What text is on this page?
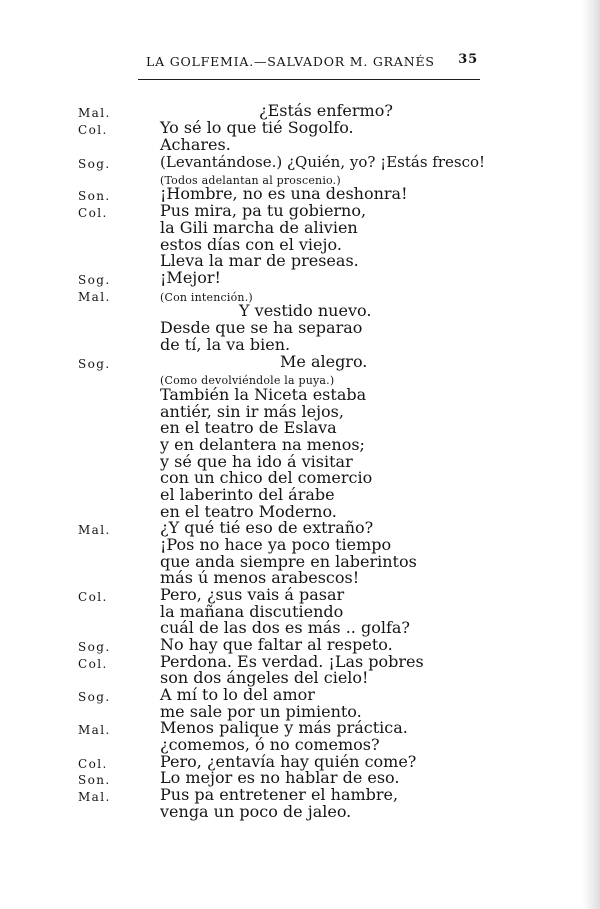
LA GOLFEMIA.—SALVADOR M. GRANÉS 35
Mal.	¿Estás enfermo?
Col.	Yo sé lo que tié Sogolfo.
Achares.
Sog.	(Levantándose.) ¿Quién, yo? ¡Estás fresco!
(Todos adelantan al proscenio.)
Son.	¡Hombre, no es una deshonra!
Col.	Pus mira, pa tu gobierno,
la Gili marcha de alivien
estos días con el viejo.
Lleva la mar de preseas.
Sog.	¡Mejor!
Mal.	(Con intención.)
Y vestido nuevo.
Desde que se ha separao
de tí, la va bien.
Sog.	Me alegro.
(Como devolviéndole la puya.)
También la Niceta estaba
antiér, sin ir más lejos,
en el teatro de Eslava
y en delantera na menos;
y sé que ha ido á visitar
con un chico del comercio
el laberinto del árabe
en el teatro Moderno.
Mal.	¿Y qué tié eso de extraño?
¡Pos no hace ya poco tiempo
que anda siempre en laberintos
más ú menos arabescos!
Col.	Pero, ¿sus vais á pasar
la mañana discutiendo
cuál de las dos es más .. golfa?
Sog.	No hay que faltar al respeto.
Col.	Perdona. Es verdad. ¡Las pobres
son dos ángeles del cielo!
Sog.	A mí to lo del amor
me sale por un pimiento.
Mal.	Menos palique y más práctica.
¿comemos, ó no comemos?
Col.	Pero, ¿entavía hay quién come?
Son.	Lo mejor es no hablar de eso.
Mal.	Pus pa entretener el hambre,
venga un poco de jaleo.
